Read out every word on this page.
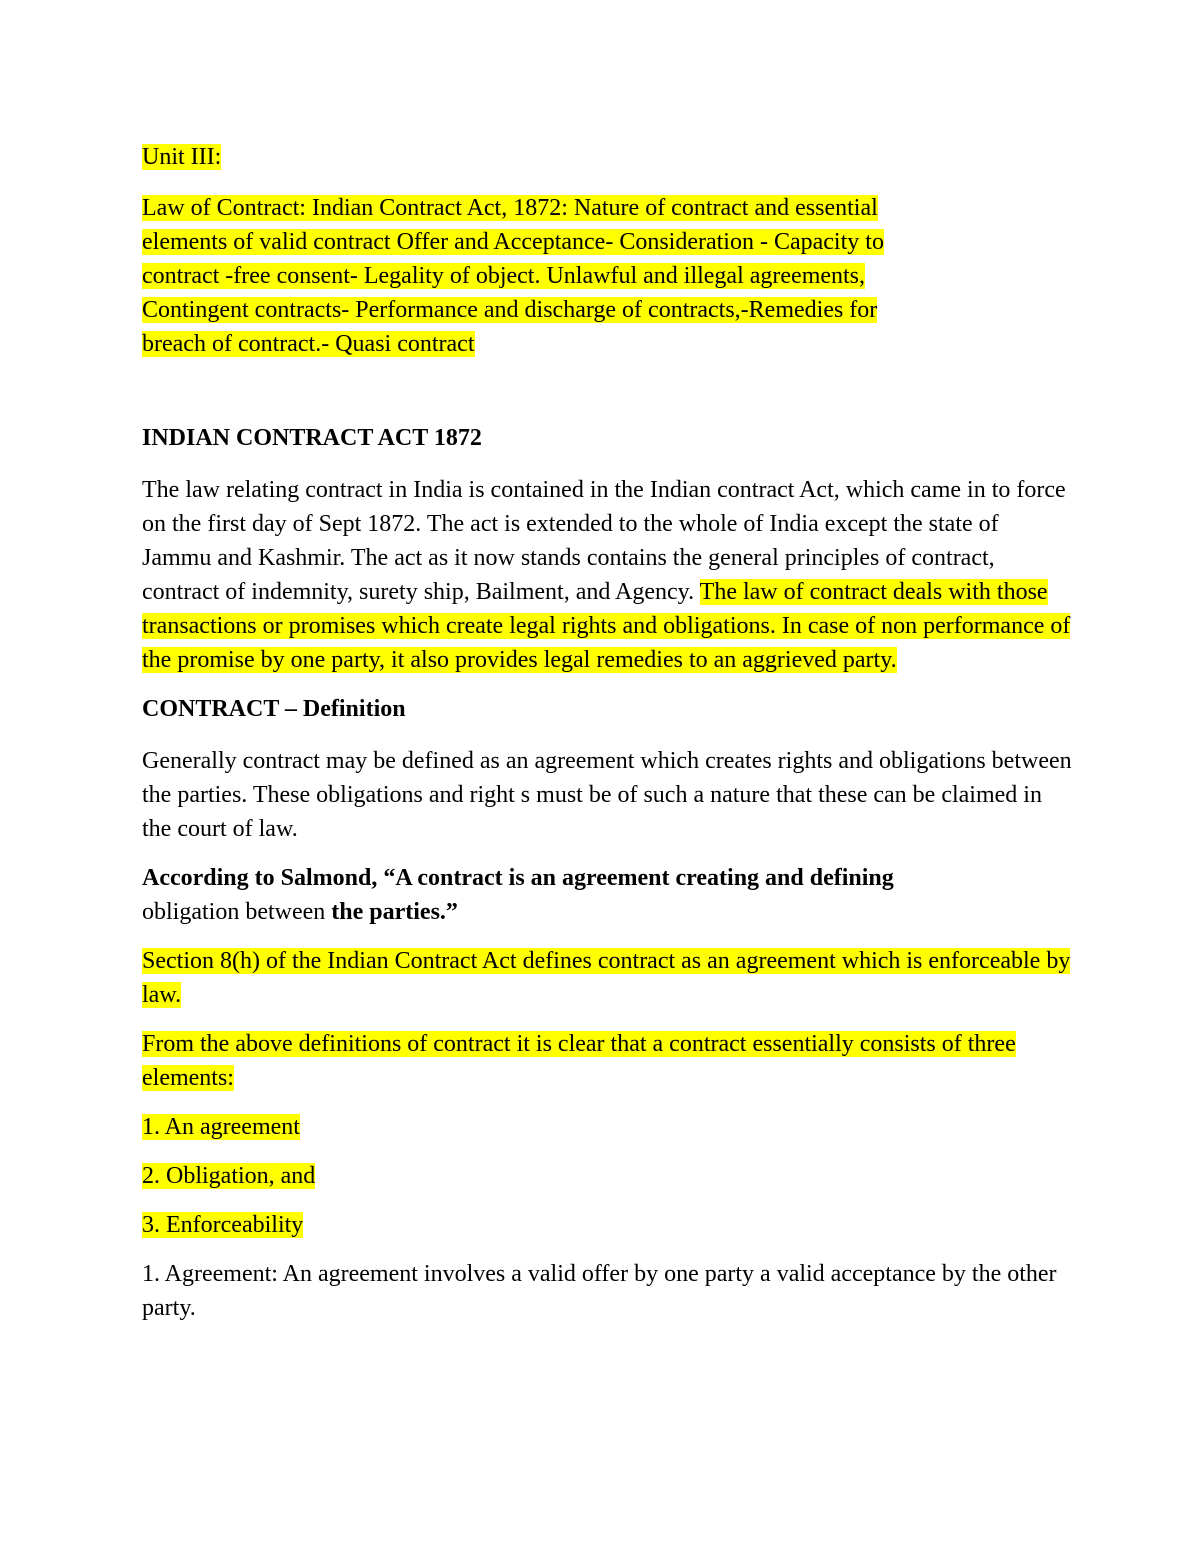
Unit III:

Law of Contract: Indian Contract Act, 1872: Nature of contract and essential
elements of valid contract Offer and Acceptance- Consideration - Capacity to
contract -free consent- Legality of object. Unlawful and illegal agreements,
Contingent contracts- Performance and discharge of contracts,-Remedies for
breach of contract.- Quasi contract

INDIAN CONTRACT ACT 1872

The law relating contract in India is contained in the Indian contract Act, which came in to force on the first day of Sept 1872. The act is extended to the whole of India except the state of Jammu and Kashmir. The act as it now stands contains the general principles of contract, contract of indemnity, surety ship, Bailment, and Agency. The law of contract deals with those transactions or promises which create legal rights and obligations. In case of non performance of the promise by one party, it also provides legal remedies to an aggrieved party.

CONTRACT – Definition

Generally contract may be defined as an agreement which creates rights and obligations between the parties. These obligations and right s must be of such a nature that these can be claimed in the court of law.

According to Salmond, “A contract is an agreement creating and defining
obligation between the parties.”

Section 8(h) of the Indian Contract Act defines contract as an agreement which is enforceable by law.

From the above definitions of contract it is clear that a contract essentially consists of three elements:

1. An agreement

2. Obligation, and

3. Enforceability

1. Agreement: An agreement involves a valid offer by one party a valid acceptance by the other party.
